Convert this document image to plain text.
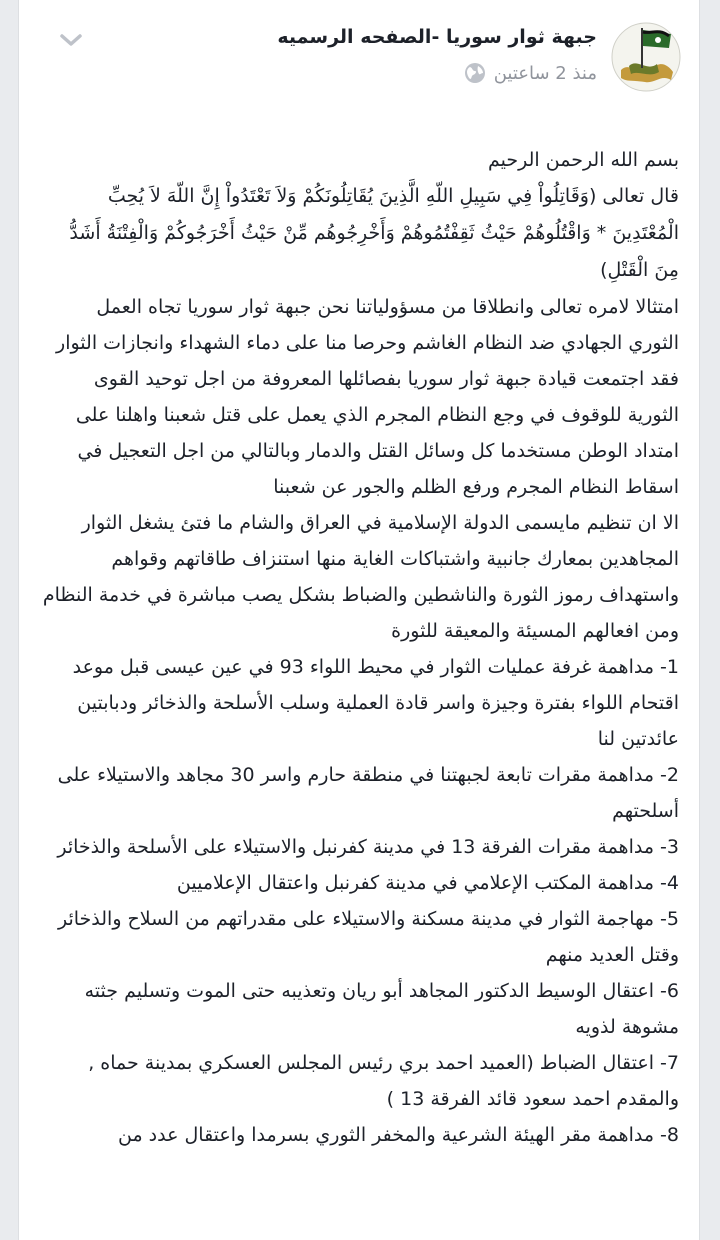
جبهة ثوار سوريا -الصفحه الرسميه
منذ 2 ساعتين

بسم الله الرحمن الرحيم

قال تعالى (وَقَاتِلُواْ فِي سَبِيلِ اللّهِ الَّذِينَ يُقَاتِلُونَكُمْ وَلاَ تَعْتَدُواْ إِنَّ اللّهَ لاَ يُحِبِّ الْمُعْتَدِينَ * وَاقْتُلُوهُمْ حَيْثُ ثَقِفْتُمُوهُمْ وَأَخْرِجُوهُم مِّنْ حَيْثُ أَخْرَجُوكُمْ وَالْفِتْنَةُ أَشَدُّ مِنَ الْقَتْلِ)

امتثالا لامره تعالى وانطلاقا من مسؤولياتنا نحن جبهة ثوار سوريا تجاه العمل الثوري الجهادي ضد النظام الغاشم وحرصا منا على دماء الشهداء وانجازات الثوار فقد اجتمعت قيادة جبهة ثوار سوريا بفصائلها المعروفة من اجل توحيد القوى الثورية للوقوف في وجع النظام المجرم الذي يعمل على قتل شعبنا واهلنا على امتداد الوطن مستخدما كل وسائل القتل والدمار وبالتالي من اجل التعجيل في اسقاط النظام المجرم ورفع الظلم والجور عن شعبنا

الا ان تنظيم مايسمى الدولة الإسلامية في العراق والشام ما فتئ يشغل الثوار المجاهدين بمعارك جانبية واشتباكات الغاية منها استنزاف طاقاتهم وقواهم واستهداف رموز الثورة والناشطين والضباط بشكل يصب مباشرة في خدمة النظام

ومن افعالهم المسيئة والمعيقة للثورة

1- مداهمة غرفة عمليات الثوار في محيط اللواء 93 في عين عيسى قبل موعد اقتحام اللواء بفترة وجيزة واسر قادة العملية وسلب الأسلحة والذخائر ودبابتين عائدتين لنا

2- مداهمة مقرات تابعة لجبهتنا في منطقة حارم واسر 30 مجاهد والاستيلاء على أسلحتهم

3- مداهمة مقرات الفرقة 13 في مدينة كفرنبل والاستيلاء على الأسلحة والذخائر

4- مداهمة المكتب الإعلامي في مدينة كفرنبل واعتقال الإعلاميين

5- مهاجمة الثوار في مدينة مسكنة والاستيلاء على مقدراتهم من السلاح والذخائر وقتل العديد منهم

6- اعتقال الوسيط الدكتور المجاهد أبو ريان وتعذيبه حتى الموت وتسليم جثته مشوهة لذويه

7- اعتقال الضباط (العميد احمد بري رئيس المجلس العسكري بمدينة حماه , والمقدم احمد سعود قائد الفرقة 13 )

8- مداهمة مقر الهيئة الشرعية والمخفر الثوري بسرمدا واعتقال عدد من
